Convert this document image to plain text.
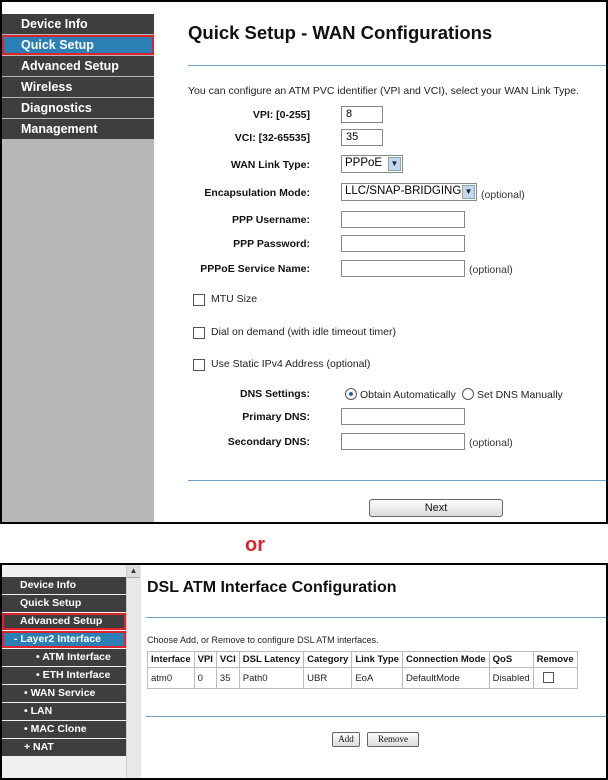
Device Info
Quick Setup
Advanced Setup
Wireless
Diagnostics
Management
Quick Setup - WAN Configurations
You can configure an ATM PVC identifier (VPI and VCI), select your WAN Link Type.
VPI: [0-255]	8
VCI: [32-65535]	35
WAN Link Type:	PPPoE	▼
Encapsulation Mode:	LLC/SNAP-BRIDGING ▼ (optional)
PPP Username:
PPP Password:
PPPoE Service Name:	(optional)
MTU Size
Dial on demand (with idle timeout timer)
Use Static IPv4 Address (optional)
DNS Settings:	Obtain Automatically	Set DNS Manually
Primary DNS:
Secondary DNS:	(optional)
Next
or
Device Info
Quick Setup
Advanced Setup
- Layer2 Interface
• ATM Interface
• ETH Interface
• WAN Service
• LAN
• MAC Clone
+ NAT
▲
DSL ATM Interface Configuration
Choose Add, or Remove to configure DSL ATM interfaces.
Interface	VPI	VCI	DSL Latency	Category	Link Type	Connection Mode	QoS	Remove
atm0	0	35	Path0	UBR	EoA	DefaultMode	Disabled	
Add	Remove
